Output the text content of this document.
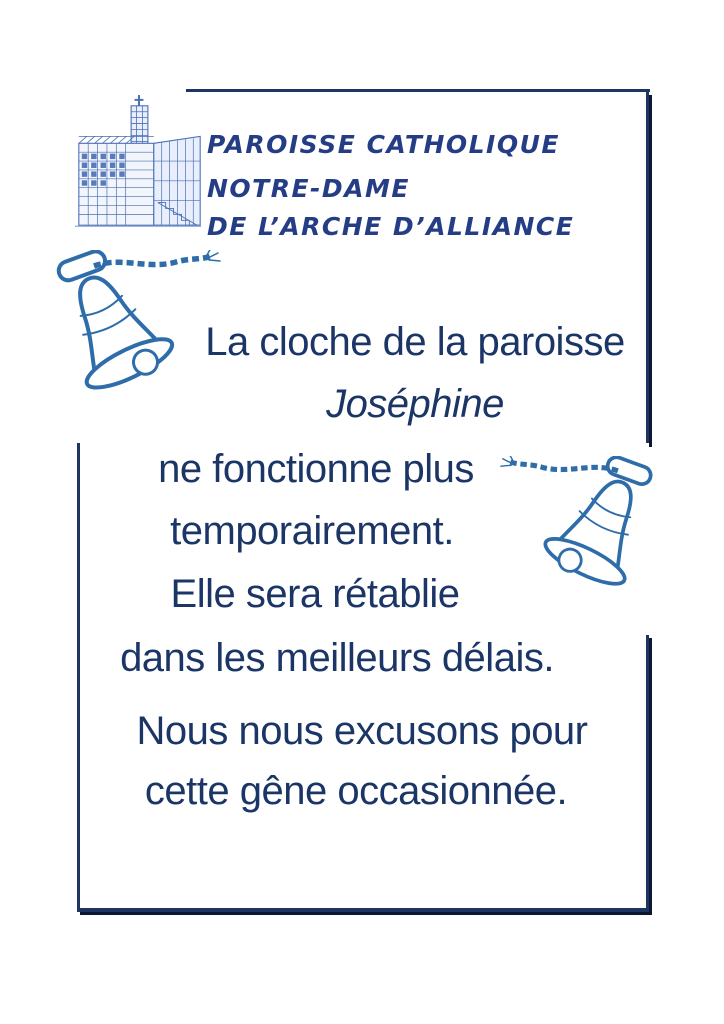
PAROISSE CATHOLIQUE
NOTRE-DAME
DE L’ARCHE D’ALLIANCE
La cloche de la paroisse
Joséphine
ne fonctionne plus
temporairement.
Elle sera rétablie
dans les meilleurs délais.
Nous nous excusons pour
cette gêne occasionnée.
